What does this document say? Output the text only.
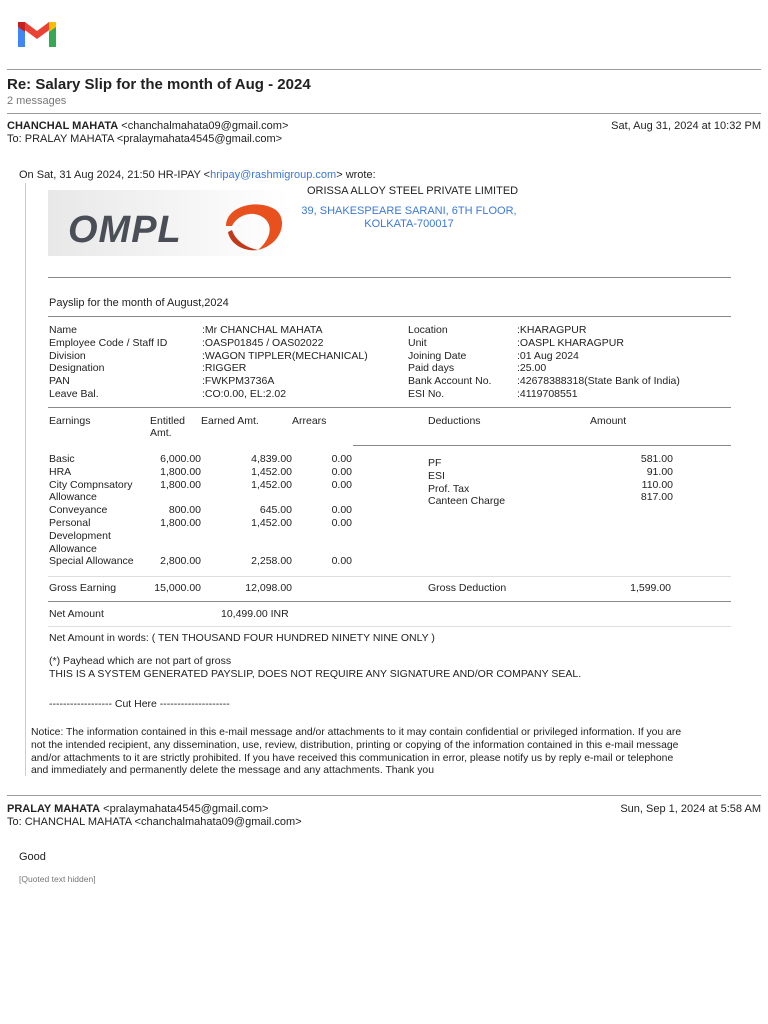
Re: Salary Slip for the month of Aug - 2024
2 messages
CHANCHAL MAHATA <chanchalmahata09@gmail.com>	Sat, Aug 31, 2024 at 10:32 PM
To: PRALAY MAHATA <pralaymahata4545@gmail.com>
On Sat, 31 Aug 2024, 21:50 HR-IPAY <hripay@rashmigroup.com> wrote:
OMPL
ORISSA ALLOY STEEL PRIVATE LIMITED
39, SHAKESPEARE SARANI, 6TH FLOOR,
KOLKATA-700017
Payslip for the month of August,2024
Name	:Mr CHANCHAL MAHATA
Employee Code / Staff ID	:OASP01845 / OAS02022
Division	:WAGON TIPPLER(MECHANICAL)
Designation	:RIGGER
PAN	:FWKPM3736A
Leave Bal.	:CO:0.00, EL:2.02
Location	:KHARAGPUR
Unit	:OASPL KHARAGPUR
Joining Date	:01 Aug 2024
Paid days	:25.00
Bank Account No. :42678388318(State Bank of India)
ESI No.	:4119708551
Earnings	Entitled
Amt.
Earned Amt.	Arrears	Deductions	Amount
Basic	6,000.00	4,839.00	0.00
HRA	1,800.00	1,452.00	0.00
City Compnsatory
Allowance
1,800.00	1,452.00	0.00
Conveyance	800.00	645.00	0.00
Personal
Development
Allowance
1,800.00	1,452.00	0.00
Special Allowance	2,800.00	2,258.00	0.00
PF	581.00
ESI	91.00
Prof. Tax	110.00
Canteen Charge	817.00
Gross Earning	15,000.00	12,098.00	Gross Deduction	1,599.00
Net Amount	10,499.00 INR
Net Amount in words: ( TEN THOUSAND FOUR HUNDRED NINETY NINE ONLY )
(*) Payhead which are not part of gross
THIS IS A SYSTEM GENERATED PAYSLIP, DOES NOT REQUIRE ANY SIGNATURE AND/OR COMPANY SEAL.
------------------ Cut Here --------------------
Notice: The information contained in this e-mail message and/or attachments to it may contain confidential or privileged information. If you are
not the intended recipient, any dissemination, use, review, distribution, printing or copying of the information contained in this e-mail message
and/or attachments to it are strictly prohibited. If you have received this communication in error, please notify us by reply e-mail or telephone
and immediately and permanently delete the message and any attachments. Thank you
PRALAY MAHATA <pralaymahata4545@gmail.com>	Sun, Sep 1, 2024 at 5:58 AM
To: CHANCHAL MAHATA <chanchalmahata09@gmail.com>
Good
[Quoted text hidden]
